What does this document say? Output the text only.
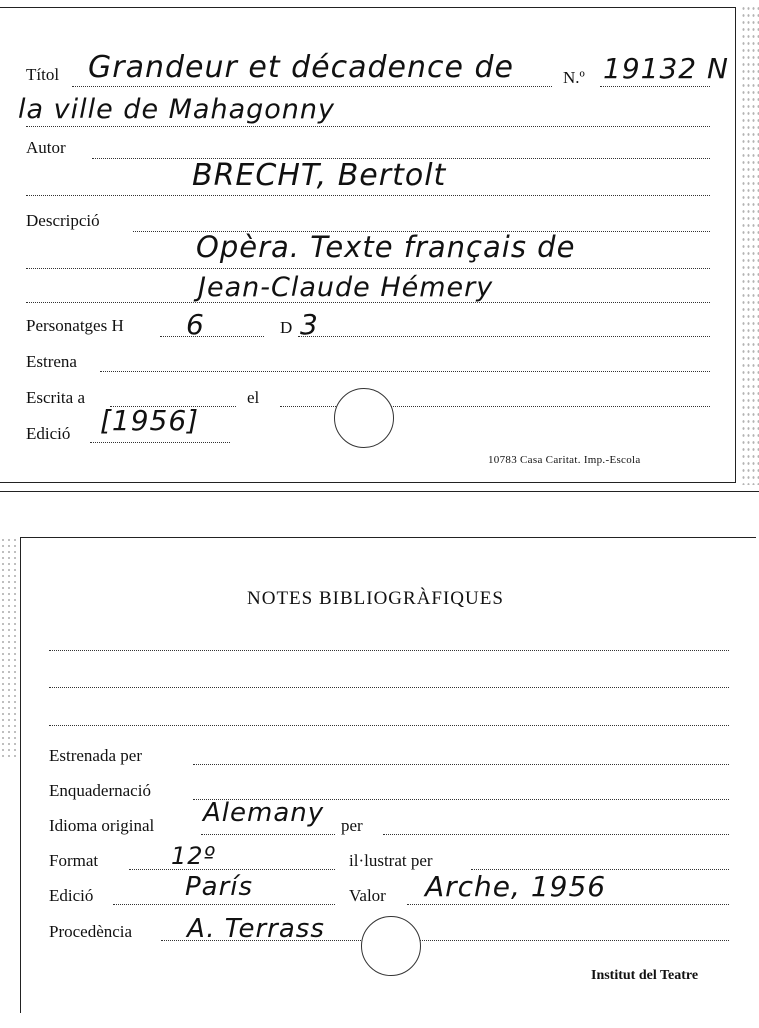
Títol Grandeur et décadence de	N.º 19132 N
la ville de Mahagonny
Autor
BRECHT, Bertolt
Descripció
Opèra. Texte français de
Jean-Claude Hémery
Personatges H 6	D 3
Estrena
Escrita a	el
Edició [1956]
10783 Casa Caritat. Imp.-Escola
NOTES BIBLIOGRÀFIQUES
Estrenada per
Enquadernació
Idioma original Alemany per
Format	12º	il·lustrat per
Edició	París	Valor Arche, 1956
Procedència A. Terrass
Institut del Teatre
